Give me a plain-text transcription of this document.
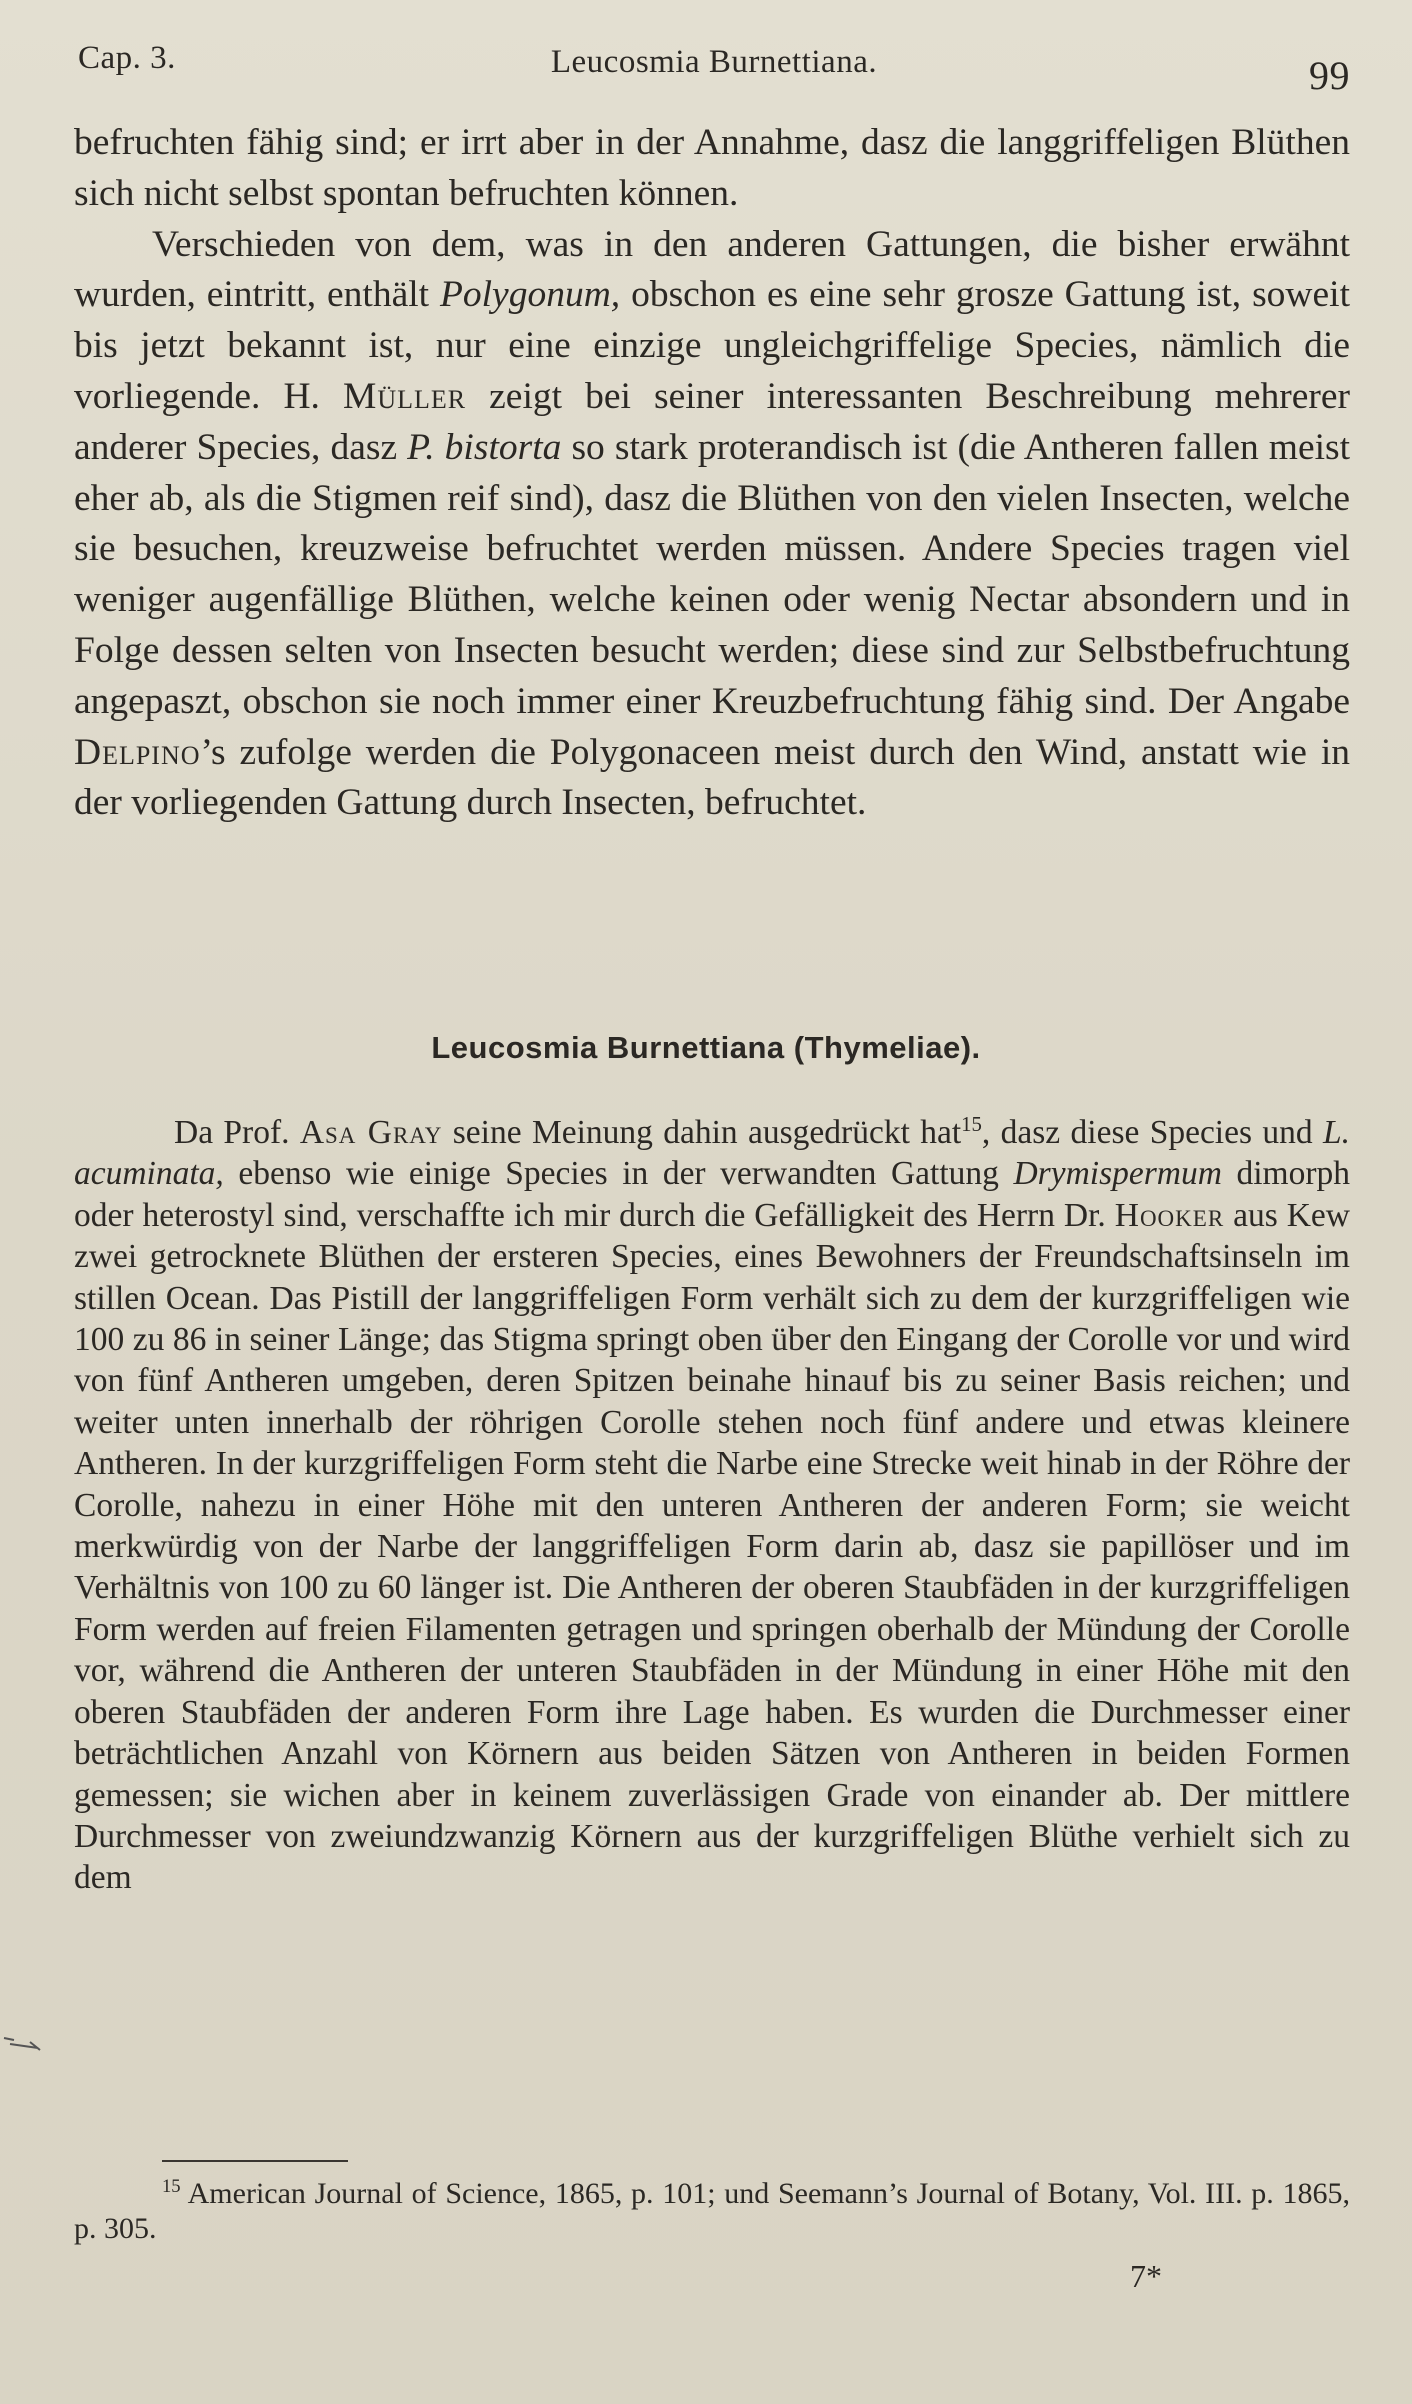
Cap. 3.	Leucosmia Burnettiana.	99

befruchten fähig sind; er irrt aber in der Annahme, dasz die langgriffeligen Blüthen sich nicht selbst spontan befruchten können.

Verschieden von dem, was in den anderen Gattungen, die bisher erwähnt wurden, eintritt, enthält Polygonum, obschon es eine sehr grosze Gattung ist, soweit bis jetzt bekannt ist, nur eine einzige ungleichgriffelige Species, nämlich die vorliegende. H. Müller zeigt bei seiner interessanten Beschreibung mehrerer anderer Species, dasz P. bistorta so stark proterandisch ist (die Antheren fallen meist eher ab, als die Stigmen reif sind), dasz die Blüthen von den vielen Insecten, welche sie besuchen, kreuzweise befruchtet werden müssen. Andere Species tragen viel weniger augenfällige Blüthen, welche keinen oder wenig Nectar absondern und in Folge dessen selten von Insecten besucht werden; diese sind zur Selbstbefruchtung angepaszt, obschon sie noch immer einer Kreuzbefruchtung fähig sind. Der Angabe Delpino’s zufolge werden die Polygonaceen meist durch den Wind, anstatt wie in der vorliegenden Gattung durch Insecten, befruchtet.

Leucosmia Burnettiana (Thymeliae).

Da Prof. Asa Gray seine Meinung dahin ausgedrückt hat$^{15}$, dasz diese Species und L. acuminata, ebenso wie einige Species in der verwandten Gattung Drymispermum dimorph oder heterostyl sind, verschaffte ich mir durch die Gefälligkeit des Herrn Dr. Hooker aus Kew zwei getrocknete Blüthen der ersteren Species, eines Bewohners der Freundschaftsinseln im stillen Ocean. Das Pistill der langgriffeligen Form verhält sich zu dem der kurzgriffeligen wie 100 zu 86 in seiner Länge; das Stigma springt oben über den Eingang der Corolle vor und wird von fünf Antheren umgeben, deren Spitzen beinahe hinauf bis zu seiner Basis reichen; und weiter unten innerhalb der röhrigen Corolle stehen noch fünf andere und etwas kleinere Antheren. In der kurzgriffeligen Form steht die Narbe eine Strecke weit hinab in der Röhre der Corolle, nahezu in einer Höhe mit den unteren Antheren der anderen Form; sie weicht merkwürdig von der Narbe der langgriffeligen Form darin ab, dasz sie papillöser und im Verhältnis von 100 zu 60 länger ist. Die Antheren der oberen Staubfäden in der kurzgriffeligen Form werden auf freien Filamenten getragen und springen oberhalb der Mündung der Corolle vor, während die Antheren der unteren Staubfäden in der Mündung in einer Höhe mit den oberen Staubfäden der anderen Form ihre Lage haben. Es wurden die Durchmesser einer beträchtlichen Anzahl von Körnern aus beiden Sätzen von Antheren in beiden Formen gemessen; sie wichen aber in keinem zuverlässigen Grade von einander ab. Der mittlere Durchmesser von zweiundzwanzig Körnern aus der kurzgriffeligen Blüthe verhielt sich zu dem

$^{15}$ American Journal of Science, 1865, p. 101; und Seemann’s Journal of Botany, Vol. III. p. 1865, p. 305.

7*
